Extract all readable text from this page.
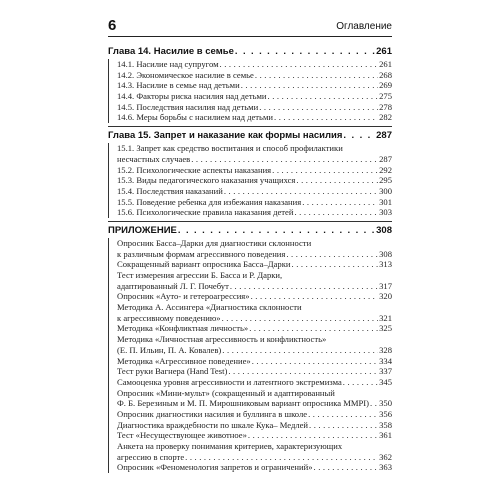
6	Оглавление
Глава 14. Насилие в семье . . .	261
14.1. Насилие над супругом . . .	261
14.2. Экономическое насилие в семье . . .	268
14.3. Насилие в семье над детьми . . .	269
14.4. Факторы риска насилия над детьми . . .	275
14.5. Последствия насилия над детьми . . .	278
14.6. Меры борьбы с насилием над детьми . . .	282
Глава 15. Запрет и наказание как формы насилия . . .	287
15.1. Запрет как средство воспитания и способ профилактики
несчастных случаев . . .	287
15.2. Психологические аспекты наказания . . .	292
15.3. Виды педагогического наказания учащихся . . .	295
15.4. Последствия наказаний . . .	300
15.5. Поведение ребенка для избежания наказания . . .	301
15.6. Психологические правила наказания детей . . .	303
ПРИЛОЖЕНИЕ . . .	308
Опросник Басса–Дарки для диагностики склонности
к различным формам агрессивного поведения . . .	308
Сокращенный вариант опросника Басса–Дарки . . .	313
Тест измерения агрессии Б. Басса и Р. Дарки,
адаптированный Л. Г. Почебут . . .	317
Опросник «Ауто- и гетероагрессия» . . .	320
Методика А. Ассингера «Диагностика склонности
к агрессивному поведению» . . .	321
Методика «Конфликтная личность» . . .	325
Методика «Личностная агрессивность и конфликтность»
(Е. П. Ильин, П. А. Ковалев) . . .	328
Методика «Агрессивное поведение» . . .	334
Тест руки Вагнера (Hand Test) . . .	337
Самооценка уровня агрессивности и латентного экстремизма . . .	345
Опросник «Мини-мульт» (сокращенный и адаптированный
Ф. Б. Березиным и М. П. Мирошниковым вариант опросника MMPI) . . . 350
Опросник диагностики насилия и буллинга в школе . . .	356
Диагностика враждебности по шкале Кука– Медлей . . .	358
Тест «Несуществующее животное» . . .	361
Анкета на проверку понимания критериев, характеризующих
агрессию в спорте . . .	362
Опросник «Феноменология запретов и ограничений» . . .	363
